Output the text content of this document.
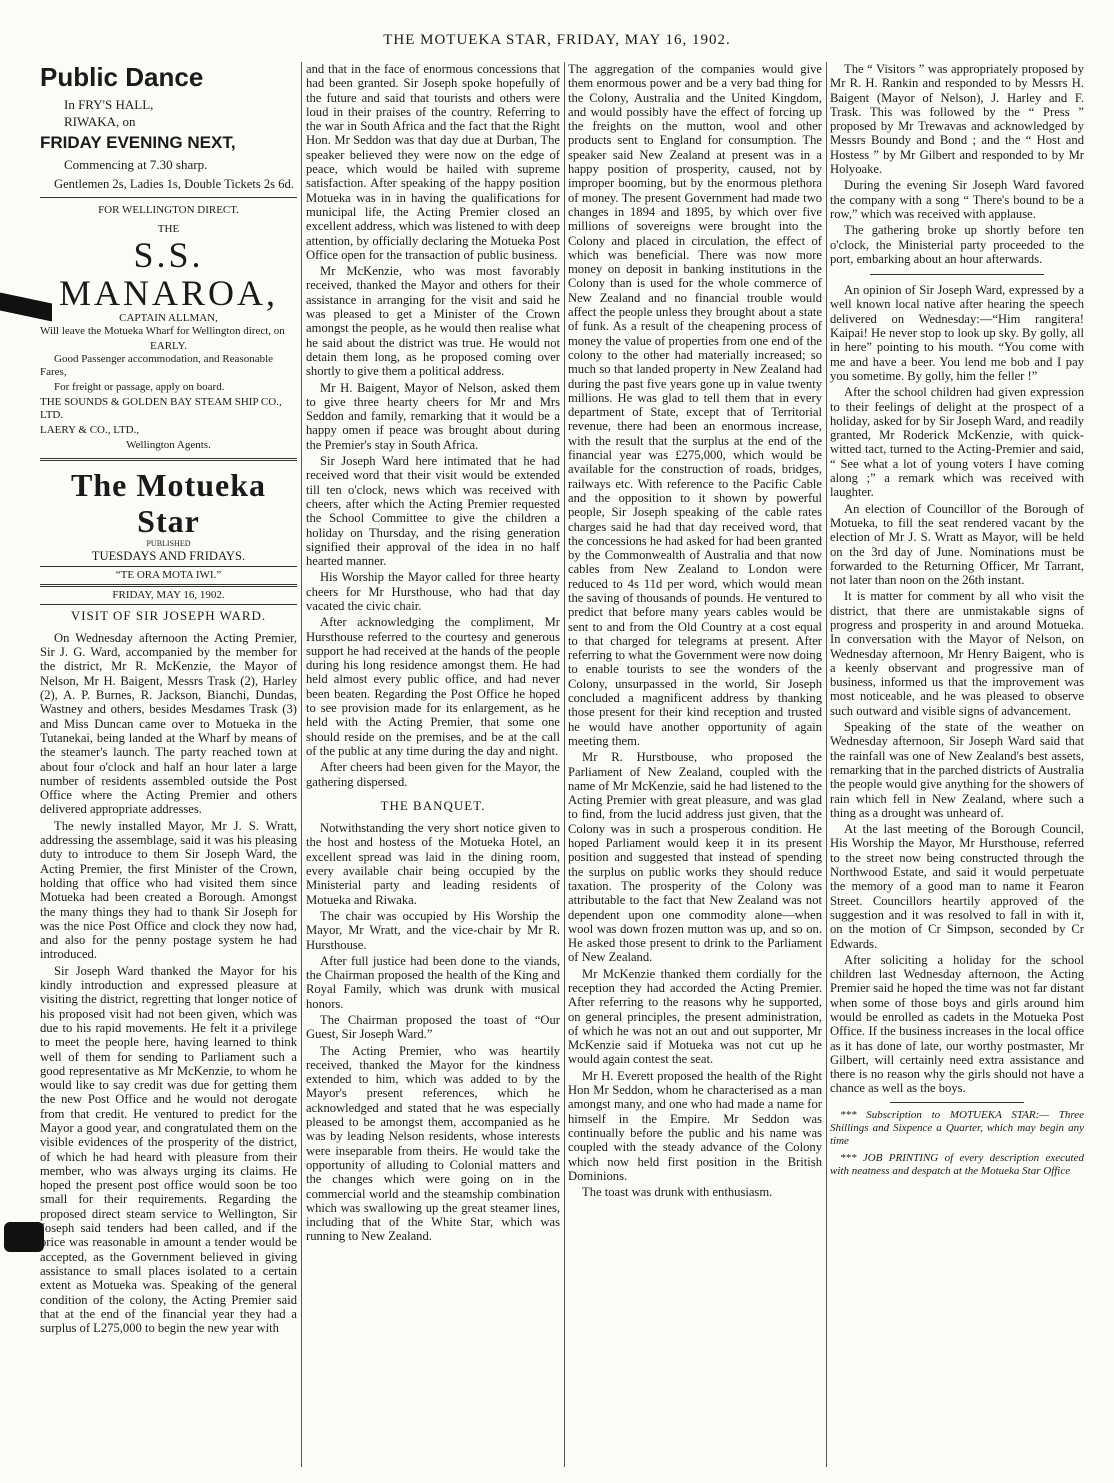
THE MOTUEKA STAR, FRIDAY, MAY 16, 1902.
Public Dance
In FRY'S HALL,
RIWAKA, on
FRIDAY EVENING NEXT,
Commencing at 7.30 sharp.

Gentlemen 2s, Ladies 1s, Double Tickets 2s 6d.

FOR WELLINGTON DIRECT.
THE
S.S. MANAROA,
CAPTAIN ALLMAN,

Will leave the Motueka Wharf for Wellington direct, on

EARLY.

Good Passenger accommodation, and Reasonable Fares,

For freight or passage, apply on board.

THE SOUNDS & GOLDEN BAY STEAM SHIP CO., LTD.

LAERY & CO., LTD.,

Wellington Agents.
The Motueka Star
PUBLISHED
TUESDAYS AND FRIDAYS.
“TE ORA MOTA IWI.”
FRIDAY, MAY 16, 1902.
VISIT OF SIR JOSEPH WARD.

On Wednesday afternoon the Acting Premier, Sir J. G. Ward, accompanied by the member for the district, Mr R. McKenzie, the Mayor of Nelson, Mr H. Baigent, Messrs Trask (2), Harley (2), A. P. Burnes, R. Jackson, Bianchi, Dundas, Wastney and others, besides Mesdames Trask (3) and Miss Duncan came over to Motueka in the Tutanekai, being landed at the Wharf by means of the steamer's launch. The party reached town at about four o'clock and half an hour later a large number of residents assembled outside the Post Office where the Acting Premier and others delivered appropriate addresses.

The newly installed Mayor, Mr J. S. Wratt, addressing the assemblage, said it was his pleasing duty to introduce to them Sir Joseph Ward, the Acting Premier, the first Minister of the Crown, holding that office who had visited them since Motueka had been created a Borough. Amongst the many things they had to thank Sir Joseph for was the nice Post Office and clock they now had, and also for the penny postage system he had introduced.

Sir Joseph Ward thanked the Mayor for his kindly introduction and expressed pleasure at visiting the district, regretting that longer notice of his proposed visit had not been given, which was due to his rapid movements. He felt it a privilege to meet the people here, having learned to think well of them for sending to Parliament such a good representative as Mr McKenzie, to whom he would like to say credit was due for getting them the new Post Office and he would not derogate from that credit. He ventured to predict for the Mayor a good year, and congratulated them on the visible evidences of the prosperity of the district, of which he had heard with pleasure from their member, who was always urging its claims. He hoped the present post office would soon be too small for their requirements. Regarding the proposed direct steam service to Wellington, Sir Joseph said tenders had been called, and if the price was reasonable in amount a tender would be accepted, as the Government believed in giving assistance to small places isolated to a certain extent as Motueka was. Speaking of the general condition of the colony, the Acting Premier said that at the end of the financial year they had a surplus of L275,000 to begin the new year with

and that in the face of enormous concessions that had been granted. Sir Joseph spoke hopefully of the future and said that tourists and others were loud in their praises of the country. Referring to the war in South Africa and the fact that the Right Hon. Mr Seddon was that day due at Durban, The speaker believed they were now on the edge of peace, which would be hailed with supreme satisfaction. After speaking of the happy position Motueka was in in having the qualifications for municipal life, the Acting Premier closed an excellent address, which was listened to with deep attention, by officially declaring the Motueka Post Office open for the transaction of public business.

Mr McKenzie, who was most favorably received, thanked the Mayor and others for their assistance in arranging for the visit and said he was pleased to get a Minister of the Crown amongst the people, as he would then realise what he said about the district was true. He would not detain them long, as he proposed coming over shortly to give them a political address.

Mr H. Baigent, Mayor of Nelson, asked them to give three hearty cheers for Mr and Mrs Seddon and family, remarking that it would be a happy omen if peace was brought about during the Premier's stay in South Africa.

Sir Joseph Ward here intimated that he had received word that their visit would be extended till ten o'clock, news which was received with cheers, after which the Acting Premier requested the School Committee to give the children a holiday on Thursday, and the rising generation signified their approval of the idea in no half hearted manner.

His Worship the Mayor called for three hearty cheers for Mr Hursthouse, who had that day vacated the civic chair.

After acknowledging the compliment, Mr Hursthouse referred to the courtesy and generous support he had received at the hands of the people during his long residence amongst them. He had held almost every public office, and had never been beaten. Regarding the Post Office he hoped to see provision made for its enlargement, as he held with the Acting Premier, that some one should reside on the premises, and be at the call of the public at any time during the day and night.

After cheers had been given for the Mayor, the gathering dispersed.

THE BANQUET.

Notwithstanding the very short notice given to the host and hostess of the Motueka Hotel, an excellent spread was laid in the dining room, every available chair being occupied by the Ministerial party and leading residents of Motueka and Riwaka.

The chair was occupied by His Worship the Mayor, Mr Wratt, and the vice-chair by Mr R. Hursthouse.

After full justice had been done to the viands, the Chairman proposed the health of the King and Royal Family, which was drunk with musical honors.

The Chairman proposed the toast of “Our Guest, Sir Joseph Ward.”

The Acting Premier, who was heartily received, thanked the Mayor for the kindness extended to him, which was added to by the Mayor's present references, which he acknowledged and stated that he was especially pleased to be amongst them, accompanied as he was by leading Nelson residents, whose interests were inseparable from theirs. He would take the opportunity of alluding to Colonial matters and the changes which were going on in the commercial world and the steamship combination which was swallowing up the great steamer lines, including that of the White Star, which was running to New Zealand.

The aggregation of the companies would give them enormous power and be a very bad thing for the Colony, Australia and the United Kingdom, and would possibly have the effect of forcing up the freights on the mutton, wool and other products sent to England for consumption. The speaker said New Zealand at present was in a happy position of prosperity, caused, not by improper booming, but by the enormous plethora of money. The present Government had made two changes in 1894 and 1895, by which over five millions of sovereigns were brought into the Colony and placed in circulation, the effect of which was beneficial. There was now more money on deposit in banking institutions in the Colony than is used for the whole commerce of New Zealand and no financial trouble would affect the people unless they brought about a state of funk. As a result of the cheapening process of money the value of properties from one end of the colony to the other had materially increased; so much so that landed property in New Zealand had during the past five years gone up in value twenty millions. He was glad to tell them that in every department of State, except that of Territorial revenue, there had been an enormous increase, with the result that the surplus at the end of the financial year was £275,000, which would be available for the construction of roads, bridges, railways etc. With reference to the Pacific Cable and the opposition to it shown by powerful people, Sir Joseph speaking of the cable rates charges said he had that day received word, that the concessions he had asked for had been granted by the Commonwealth of Australia and that now cables from New Zealand to London were reduced to 4s 11d per word, which would mean the saving of thousands of pounds. He ventured to predict that before many years cables would be sent to and from the Old Country at a cost equal to that charged for telegrams at present. After referring to what the Government were now doing to enable tourists to see the wonders of the Colony, unsurpassed in the world, Sir Joseph concluded a magnificent address by thanking those present for their kind reception and trusted he would have another opportunity of again meeting them.

Mr R. Hurstbouse, who proposed the Parliament of New Zealand, coupled with the name of Mr McKenzie, said he had listened to the Acting Premier with great pleasure, and was glad to find, from the lucid address just given, that the Colony was in such a prosperous condition. He hoped Parliament would keep it in its present position and suggested that instead of spending the surplus on public works they should reduce taxation. The prosperity of the Colony was attributable to the fact that New Zealand was not dependent upon one commodity alone—when wool was down frozen mutton was up, and so on. He asked those present to drink to the Parliament of New Zealand.

Mr McKenzie thanked them cordially for the reception they had accorded the Acting Premier. After referring to the reasons why he supported, on general principles, the present administration, of which he was not an out and out supporter, Mr McKenzie said if Motueka was not cut up he would again contest the seat.

Mr H. Everett proposed the health of the Right Hon Mr Seddon, whom he characterised as a man amongst many, and one who had made a name for himself in the Empire. Mr Seddon was continually before the public and his name was coupled with the steady advance of the Colony which now held first position in the British Dominions.

The toast was drunk with enthusiasm.

The “ Visitors ” was appropriately proposed by Mr R. H. Rankin and responded to by Messrs H. Baigent (Mayor of Nelson), J. Harley and F. Trask. This was followed by the “ Press ” proposed by Mr Trewavas and acknowledged by Messrs Boundy and Bond ; and the “ Host and Hostess ” by Mr Gilbert and responded to by Mr Holyoake.

During the evening Sir Joseph Ward favored the company with a song “ There's bound to be a row,” which was received with applause.

The gathering broke up shortly before ten o'clock, the Ministerial party proceeded to the port, embarking about an hour afterwards.

An opinion of Sir Joseph Ward, expressed by a well known local native after hearing the speech delivered on Wednesday:—“Him rangitera! Kaipai! He never stop to look up sky. By golly, all in here” pointing to his mouth. “You come with me and have a beer. You lend me bob and I pay you sometime. By golly, him the feller !”

After the school children had given expression to their feelings of delight at the prospect of a holiday, asked for by Sir Joseph Ward, and readily granted, Mr Roderick McKenzie, with quick-witted tact, turned to the Acting-Premier and said, “ See what a lot of young voters I have coming along ;” a remark which was received with laughter.

An election of Councillor of the Borough of Motueka, to fill the seat rendered vacant by the election of Mr J. S. Wratt as Mayor, will be held on the 3rd day of June. Nominations must be forwarded to the Returning Officer, Mr Tarrant, not later than noon on the 26th instant.

It is matter for comment by all who visit the district, that there are unmistakable signs of progress and prosperity in and around Motueka. In conversation with the Mayor of Nelson, on Wednesday afternoon, Mr Henry Baigent, who is a keenly observant and progressive man of business, informed us that the improvement was most noticeable, and he was pleased to observe such outward and visible signs of advancement.

Speaking of the state of the weather on Wednesday afternoon, Sir Joseph Ward said that the rainfall was one of New Zealand's best assets, remarking that in the parched districts of Australia the people would give anything for the showers of rain which fell in New Zealand, where such a thing as a drought was unheard of.

At the last meeting of the Borough Council, His Worship the Mayor, Mr Hursthouse, referred to the street now being constructed through the Northwood Estate, and said it would perpetuate the memory of a good man to name it Fearon Street. Councillors heartily approved of the suggestion and it was resolved to fall in with it, on the motion of Cr Simpson, seconded by Cr Edwards.

After soliciting a holiday for the school children last Wednesday afternoon, the Acting Premier said he hoped the time was not far distant when some of those boys and girls around him would be enrolled as cadets in the Motueka Post Office. If the business increases in the local office as it has done of late, our worthy postmaster, Mr Gilbert, will certainly need extra assistance and there is no reason why the girls should not have a chance as well as the boys.

*** Subscription to MOTUEKA STAR:— Three Shillings and Sixpence a Quarter, which may begin any time

*** JOB PRINTING of every description executed with neatness and despatch at the Motueka Star Office
